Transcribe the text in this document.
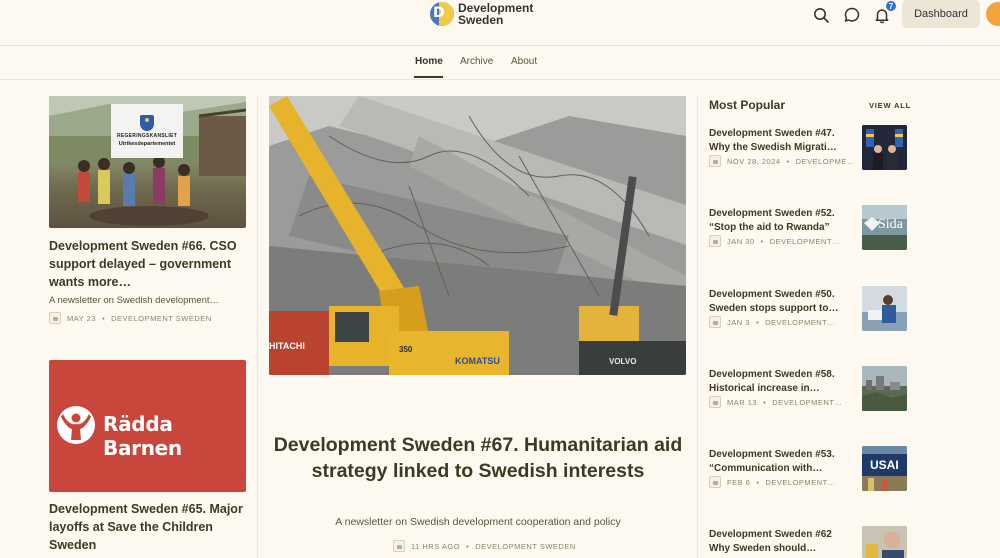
D
Development
Sweden
7
Dashboard
Home Archive About
REGERINGSKANSLIET
Utrikesdepartementet
Development Sweden #66. CSO support delayed – government wants more…
A newsletter on Swedish development…
MAY 23 • DEVELOPMENT SWEDEN
Rädda Barnen
Development Sweden #65. Major layoffs at Save the Children Sweden
HITACHI	350
KOMATSU	VOLVO
Development Sweden #67. Humanitarian aid strategy linked to Swedish interests
A newsletter on Swedish development cooperation and policy
11 HRS AGO • DEVELOPMENT SWEDEN
Most Popular	VIEW ALL
Development Sweden #47. Why the Swedish Migrati…
NOV 28, 2024 • DEVELOPME…
Development Sweden #52. “Stop the aid to Rwanda”
JAN 30 • DEVELOPMENT…
Sida
Development Sweden #50. Sweden stops support to…
JAN 3 • DEVELOPMENT…
Development Sweden #58. Historical increase in…
MAR 13 • DEVELOPMENT…
Development Sweden #53. “Communication with…
FEB 6 • DEVELOPMENT…
USAI
Development Sweden #62 Why Sweden should…
